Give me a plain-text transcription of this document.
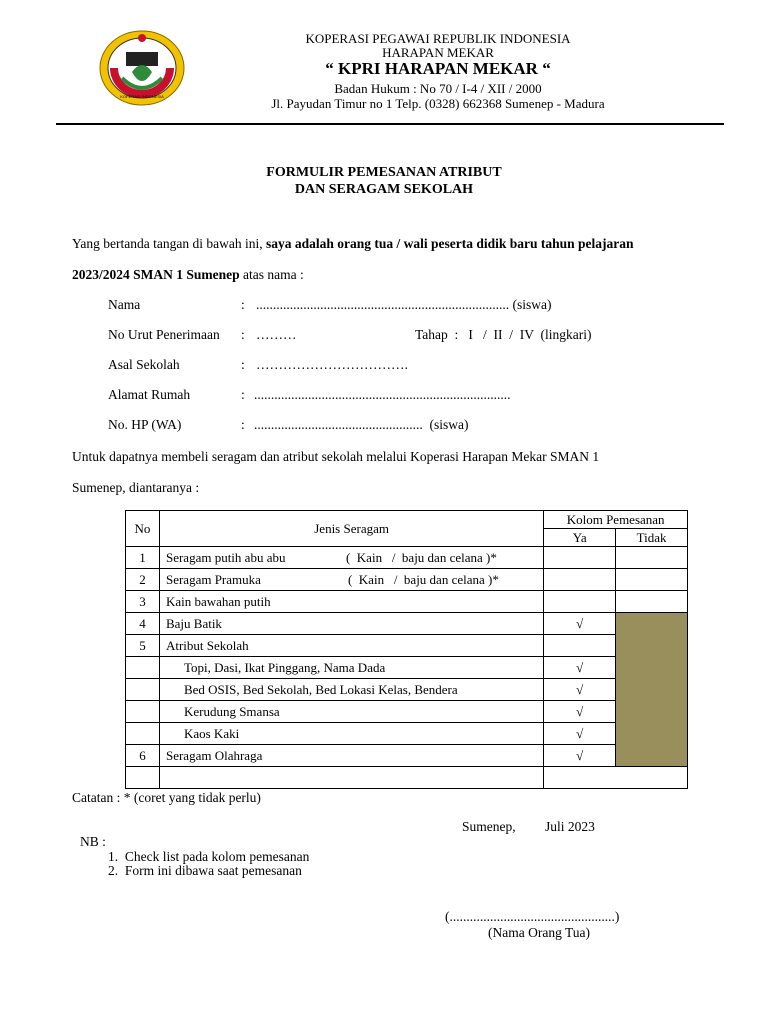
KOPERASI INDONESIA
KOPERASI PEGAWAI REPUBLIK INDONESIA
HARAPAN MEKAR
“ KPRI HARAPAN MEKAR “
Badan Hukum : No 70 / I-4 / XII / 2000
Jl. Payudan Timur no 1 Telp. (0328) 662368 Sumenep - Madura
FORMULIR PEMESANAN ATRIBUT
DAN SERAGAM SEKOLAH
Yang bertanda tangan di bawah ini, saya adalah orang tua / wali peserta didik baru tahun pelajaran
2023/2024 SMAN 1 Sumenep atas nama :
Nama	: ........................................................................... (siswa)
No Urut Penerimaan : ………	Tahap  :   I   /  II  /  IV  (lingkari)
Asal Sekolah	: …………………………….
Alamat Rumah	: ............................................................................
No. HP (WA)	: ..................................................  (siswa)
Untuk dapatnya membeli seragam dan atribut sekolah melalui Koperasi Harapan Mekar SMAN 1
Sumenep, diantaranya :
No	Jenis Seragam	Kolom Pemesanan	
		Ya	Tidak
1	Seragam putih abu abu (  Kain   /  baju dan celana )*		
2	Seragam Pramuka (  Kain   /  baju dan celana )*		
3	Kain bawahan putih		
4	Baju Batik	√	
5	Atribut Sekolah		
	Topi, Dasi, Ikat Pinggang, Nama Dada	√	
	Bed OSIS, Bed Sekolah, Bed Lokasi Kelas, Bendera	√	
	Kerudung Smansa	√	
	Kaos Kaki	√	
6	Seragam Olahraga	√	

Catatan : * (coret yang tidak perlu)
Sumenep, Juli 2023
NB :
1.  Check list pada kolom pemesanan
2.  Form ini dibawa saat pemesanan
(.................................................)
(Nama Orang Tua)
